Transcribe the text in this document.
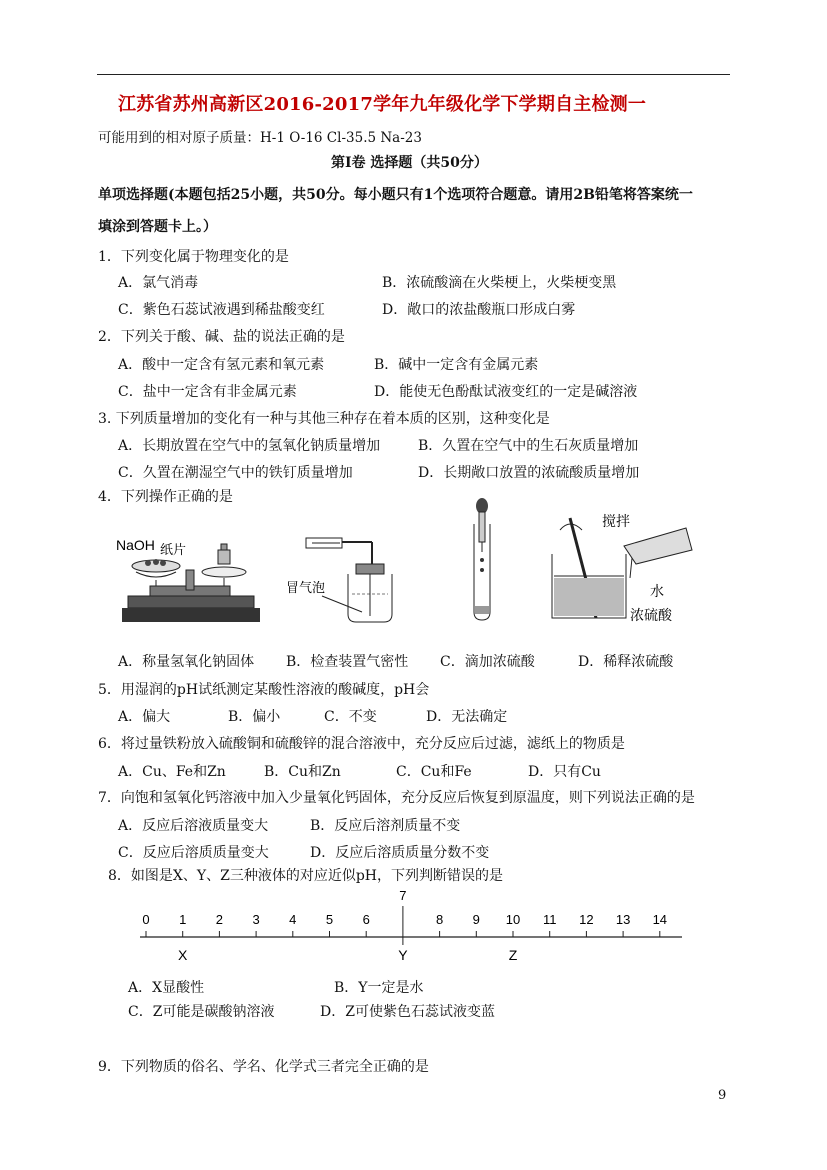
江苏省苏州高新区2016-2017学年九年级化学下学期自主检测一
可能用到的相对原子质量：H-1 O-16 Cl-35.5 Na-23
第Ⅰ卷 选择题（共50分）
单项选择题(本题包括25小题，共50分。每小题只有1个选项符合题意。请用2B铅笔将答案统一
填涂到答题卡上。）
1．下列变化属于物理变化的是
A．氯气消毒	B．浓硫酸滴在火柴梗上，火柴梗变黑
C．紫色石蕊试液遇到稀盐酸变红	D．敞口的浓盐酸瓶口形成白雾
2．下列关于酸、碱、盐的说法正确的是
A．酸中一定含有氢元素和氧元素	B．碱中一定含有金属元素
C．盐中一定含有非金属元素	D．能使无色酚酞试液变红的一定是碱溶液
3. 下列质量增加的变化有一种与其他三种存在着本质的区别，这种变化是
A．长期放置在空气中的氢氧化钠质量增加	B．久置在空气中的生石灰质量增加
C．久置在潮湿空气中的铁钉质量增加	D．长期敞口放置的浓硫酸质量增加
4．下列操作正确的是
NaOH 纸片
冒气泡
搅拌
水
浓硫酸
A．称量氢氧化钠固体 B．检查装置气密性 C．滴加浓硫酸	D．稀释浓硫酸
5．用湿润的pH试纸测定某酸性溶液的酸碱度，pH会
A．偏大	B．偏小	C．不变	D．无法确定
6．将过量铁粉放入硫酸铜和硫酸锌的混合溶液中，充分反应后过滤，滤纸上的物质是
A．Cu、Fe和Zn	B．Cu和Zn	C．Cu和Fe	D．只有Cu
7．向饱和氢氧化钙溶液中加入少量氧化钙固体，充分反应后恢复到原温度，则下列说法正确的是
A．反应后溶液质量变大	B．反应后溶剂质量不变
C．反应后溶质质量变大	D．反应后溶质质量分数不变
8．如图是X、Y、Z三种液体的对应近似pH，下列判断错误的是
0 1 2 3 4 5 6
7
8 9 10 11 12 13 14
X	Y	Z
A．X显酸性	B．Y一定是水
C．Z可能是碳酸钠溶液	D．Z可使紫色石蕊试液变蓝
9．下列物质的俗名、学名、化学式三者完全正确的是
9
